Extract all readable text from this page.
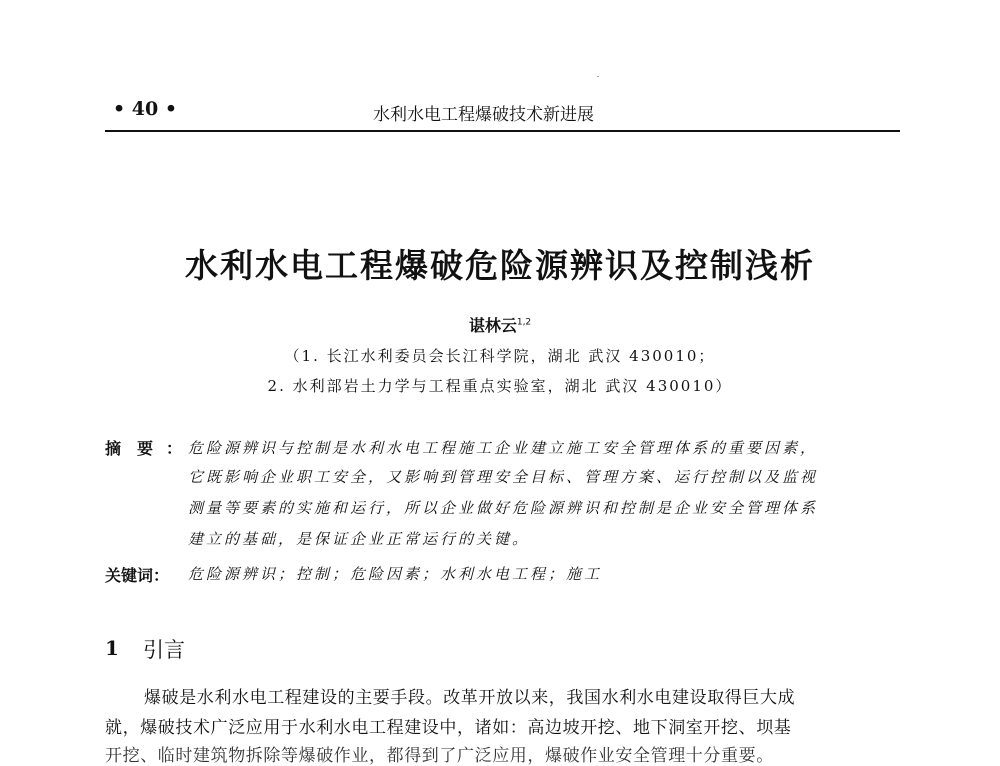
• 40 •	水利水电工程爆破技术新进展
水利水电工程爆破危险源辨识及控制浅析
谌林云$^{1,2}$
（1. 长江水利委员会长江科学院，湖北 武汉 430010；
2. 水利部岩土力学与工程重点实验室，湖北 武汉 430010）
摘要
： 危险源辨识与控制是水利水电工程施工企业建立施工安全管理体系的重要因素，
它既影响企业职工安全，又影响到管理安全目标、管理方案、运行控制以及监视
测量等要素的实施和运行，所以企业做好危险源辨识和控制是企业安全管理体系
建立的基础，是保证企业正常运行的关键。
关键词： 危险源辨识；控制；危险因素；水利水电工程；施工
1 引言
爆破是水利水电工程建设的主要手段。改革开放以来，我国水利水电建设取得巨大成
就，爆破技术广泛应用于水利水电工程建设中，诸如：高边坡开挖、地下洞室开挖、坝基
开挖、临时建筑物拆除等爆破作业，都得到了广泛应用，爆破作业安全管理十分重要。
